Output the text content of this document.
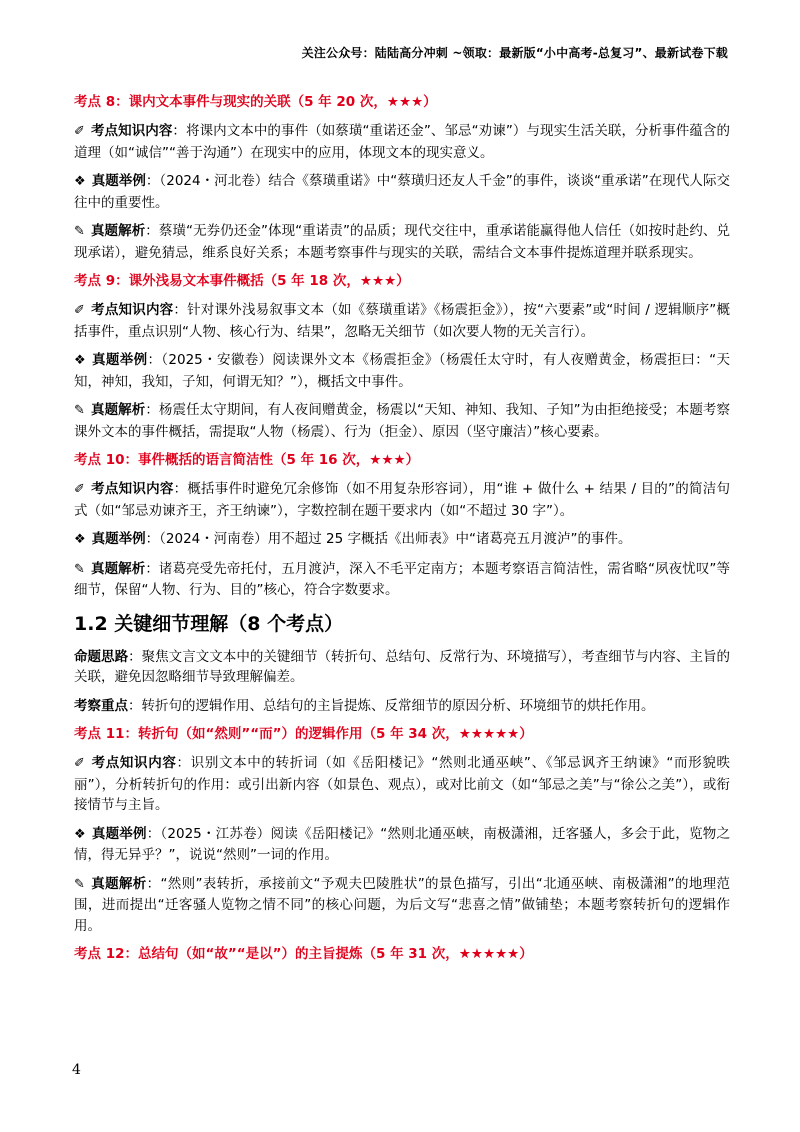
关注公众号：陆陆高分冲刺 ~领取：最新版“小中高考-总复习”、最新试卷下载
考点 8：课内文本事件与现实的关联（5 年 20 次，★★★）

✐ 考点知识内容：将课内文本中的事件（如蔡璜“重诺还金”、邹忌“劝谏”）与现实生活关联，分析事件蕴含的道理（如“诚信”“善于沟通”）在现实中的应用，体现文本的现实意义。

❖ 真题举例：（2024・河北卷）结合《蔡璜重诺》中“蔡璜归还友人千金”的事件，谈谈“重承诺”在现代人际交往中的重要性。

✎ 真题解析：蔡璜“无券仍还金”体现“重诺责”的品质；现代交往中，重承诺能赢得他人信任（如按时赴约、兑现承诺），避免猜忌，维系良好关系；本题考察事件与现实的关联，需结合文本事件提炼道理并联系现实。

考点 9：课外浅易文本事件概括（5 年 18 次，★★★）

✐ 考点知识内容：针对课外浅易叙事文本（如《蔡璜重诺》《杨震拒金》），按“六要素”或“时间 / 逻辑顺序”概括事件，重点识别“人物、核心行为、结果”，忽略无关细节（如次要人物的无关言行）。

❖ 真题举例：（2025・安徽卷）阅读课外文本《杨震拒金》（杨震任太守时，有人夜赠黄金，杨震拒曰：“天知，神知，我知，子知，何谓无知？”），概括文中事件。

✎ 真题解析：杨震任太守期间，有人夜间赠黄金，杨震以“天知、神知、我知、子知”为由拒绝接受；本题考察课外文本的事件概括，需提取“人物（杨震）、行为（拒金）、原因（坚守廉洁）”核心要素。

考点 10：事件概括的语言简洁性（5 年 16 次，★★★）

✐ 考点知识内容：概括事件时避免冗余修饰（如不用复杂形容词），用“谁 + 做什么 + 结果 / 目的”的简洁句式（如“邹忌劝谏齐王，齐王纳谏”），字数控制在题干要求内（如“不超过 30 字”）。

❖ 真题举例：（2024・河南卷）用不超过 25 字概括《出师表》中“诸葛亮五月渡泸”的事件。

✎ 真题解析：诸葛亮受先帝托付，五月渡泸，深入不毛平定南方；本题考察语言简洁性，需省略“夙夜忧叹”等细节，保留“人物、行为、目的”核心，符合字数要求。

1.2 关键细节理解（8 个考点）

命题思路：聚焦文言文文本中的关键细节（转折句、总结句、反常行为、环境描写），考查细节与内容、主旨的关联，避免因忽略细节导致理解偏差。

考察重点：转折句的逻辑作用、总结句的主旨提炼、反常细节的原因分析、环境细节的烘托作用。

考点 11：转折句（如“然则”“而”）的逻辑作用（5 年 34 次，★★★★★）

✐ 考点知识内容：识别文本中的转折词（如《岳阳楼记》“然则北通巫峡”、《邹忌讽齐王纳谏》“而形貌昳丽”），分析转折句的作用：或引出新内容（如景色、观点），或对比前文（如“邹忌之美”与“徐公之美”），或衔接情节与主旨。

❖ 真题举例：（2025・江苏卷）阅读《岳阳楼记》“然则北通巫峡，南极潇湘，迁客骚人，多会于此，览物之情，得无异乎？”，说说“然则”一词的作用。

✎ 真题解析：“然则”表转折，承接前文“予观夫巴陵胜状”的景色描写，引出“北通巫峡、南极潇湘”的地理范围，进而提出“迁客骚人览物之情不同”的核心问题，为后文写“悲喜之情”做铺垫；本题考察转折句的逻辑作用。

考点 12：总结句（如“故”“是以”）的主旨提炼（5 年 31 次，★★★★★）
4
